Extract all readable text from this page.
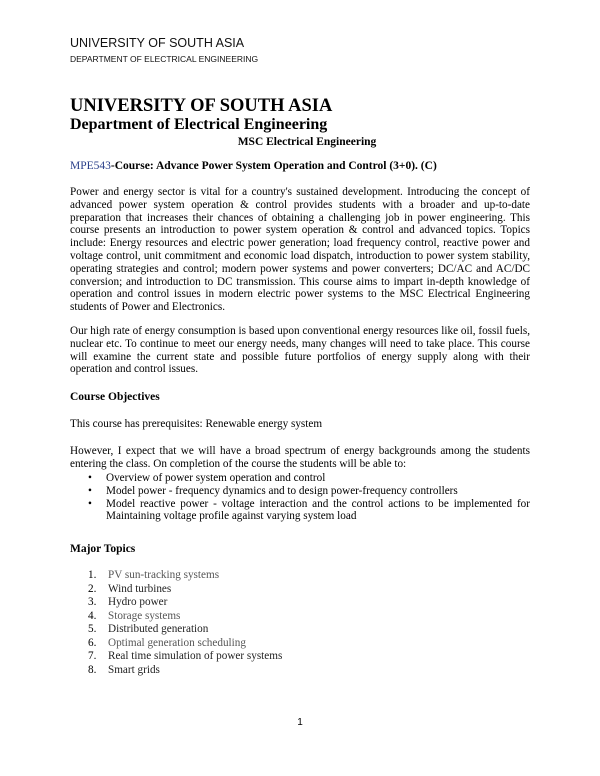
UNIVERSITY OF SOUTH ASIA
DEPARTMENT OF ELECTRICAL ENGINEERING
UNIVERSITY OF SOUTH ASIA
Department of Electrical Engineering
MSC Electrical Engineering
MPE543-Course: Advance Power System Operation and Control (3+0). (C)

Power and energy sector is vital for a country's sustained development. Introducing the concept of advanced power system operation & control provides students with a broader and up-to-date preparation that increases their chances of obtaining a challenging job in power engineering. This course presents an introduction to power system operation & control and advanced topics. Topics include: Energy resources and electric power generation; load frequency control, reactive power and voltage control, unit commitment and economic load dispatch, introduction to power system stability, operating strategies and control; modern power systems and power converters; DC/AC and AC/DC conversion; and introduction to DC transmission. This course aims to impart in-depth knowledge of operation and control issues in modern electric power systems to the MSC Electrical Engineering students of Power and Electronics.

Our high rate of energy consumption is based upon conventional energy resources like oil, fossil fuels, nuclear etc. To continue to meet our energy needs, many changes will need to take place. This course will examine the current state and possible future portfolios of energy supply along with their operation and control issues.

Course Objectives

This course has prerequisites: Renewable energy system

However, I expect that we will have a broad spectrum of energy backgrounds among the students entering the class. On completion of the course the students will be able to:

• Overview of power system operation and control
• Model power - frequency dynamics and to design power-frequency controllers
• Model reactive power - voltage interaction and the control actions to be implemented for Maintaining voltage profile against varying system load
Major Topics
1. PV sun-tracking systems
2. Wind turbines
3. Hydro power
4. Storage systems
5. Distributed generation
6. Optimal generation scheduling
7. Real time simulation of power systems
8. Smart grids
1
